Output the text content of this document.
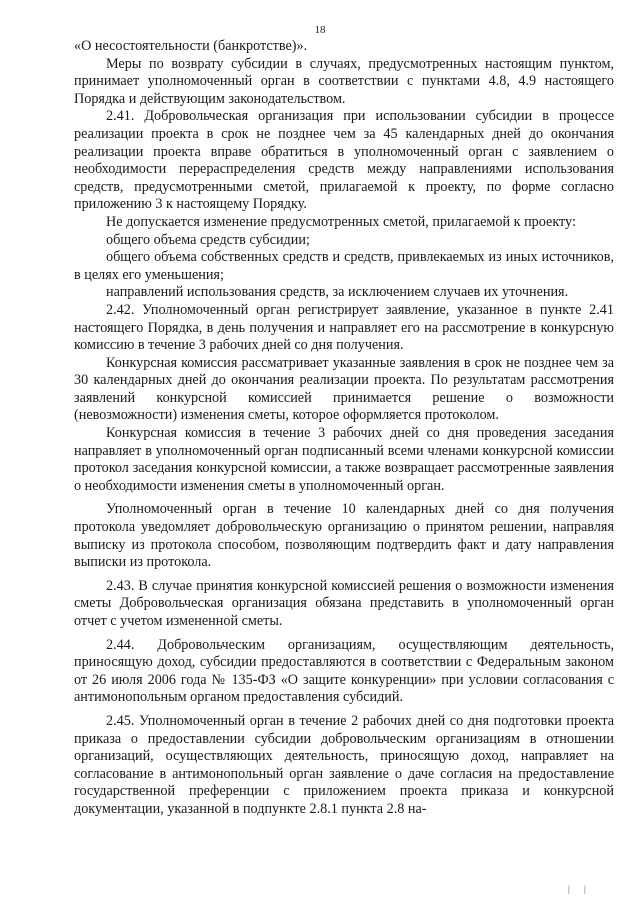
18

«О несостоятельности (банкротстве)».

Меры по возврату субсидии в случаях, предусмотренных настоящим пунктом, принимает уполномоченный орган в соответствии с пунктами 4.8, 4.9 настоящего Порядка и действующим законодательством.

2.41. Добровольческая организация при использовании субсидии в процессе реализации проекта в срок не позднее чем за 45 календарных дней до окончания реализации проекта вправе обратиться в уполномоченный орган с заявлением о необходимости перераспределения средств между направлениями использования средств, предусмотренными сметой, прилагаемой к проекту, по форме согласно приложению 3 к настоящему Порядку.

Не допускается изменение предусмотренных сметой, прилагаемой к проекту:

общего объема средств субсидии;

общего объема собственных средств и средств, привлекаемых из иных источников, в целях его уменьшения;

направлений использования средств, за исключением случаев их уточнения.

2.42. Уполномоченный орган регистрирует заявление, указанное в пункте 2.41 настоящего Порядка, в день получения и направляет его на рассмотрение в конкурсную комиссию в течение 3 рабочих дней со дня получения.

Конкурсная комиссия рассматривает указанные заявления в срок не позднее чем за 30 календарных дней до окончания реализации проекта. По результатам рассмотрения заявлений конкурсной комиссией принимается решение о возможности (невозможности) изменения сметы, которое оформляется протоколом.

Конкурсная комиссия в течение 3 рабочих дней со дня проведения заседания направляет в уполномоченный орган подписанный всеми членами конкурсной комиссии протокол заседания конкурсной комиссии, а также возвращает рассмотренные заявления о необходимости изменения сметы в уполномоченный орган.

Уполномоченный орган в течение 10 календарных дней со дня получения протокола уведомляет добровольческую организацию о принятом решении, направляя выписку из протокола способом, позволяющим подтвердить факт и дату направления выписки из протокола.

2.43. В случае принятия конкурсной комиссией решения о возможности изменения сметы Добровольческая организация обязана представить в уполномоченный орган отчет с учетом измененной сметы.

2.44. Добровольческим организациям, осуществляющим деятельность, приносящую доход, субсидии предоставляются в соответствии с Федеральным законом от 26 июля 2006 года № 135-ФЗ «О защите конкуренции» при условии согласования с антимонопольным органом предоставления субсидий.

2.45. Уполномоченный орган в течение 2 рабочих дней со дня подготовки проекта приказа о предоставлении субсидии добровольческим организациям в отношении организаций, осуществляющих деятельность, приносящую доход, направляет на согласование в антимонопольный орган заявление о даче согласия на предоставление государственной преференции с приложением проекта приказа и конкурсной документации, указанной в подпункте 2.8.1 пункта 2.8 на-

| |
